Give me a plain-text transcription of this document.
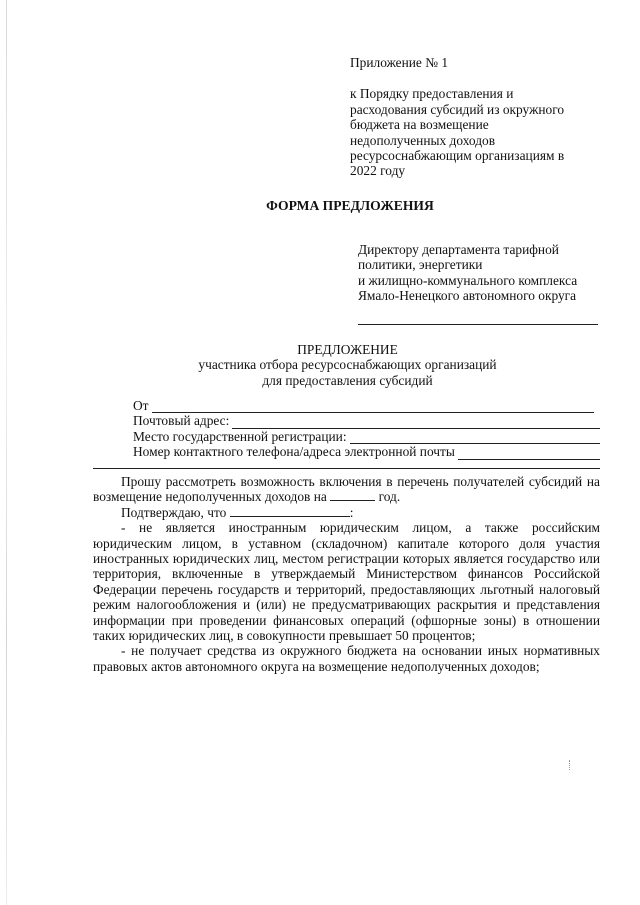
Приложение № 1
к Порядку предоставления и
расходования субсидий из окружного
бюджета на возмещение
недополученных доходов
ресурсоснабжающим организациям в
2022 году
ФОРМА ПРЕДЛОЖЕНИЯ
Директору департамента тарифной
политики, энергетики
и жилищно-коммунального комплекса
Ямало-Ненецкого автономного округа
ПРЕДЛОЖЕНИЕ
участника отбора ресурсоснабжающих организаций
для предоставления субсидий
От
Почтовый адрес:
Место государственной регистрации:
Номер контактного телефона/адреса электронной почты

Прошу рассмотреть возможность включения в перечень получателей субсидий на возмещение недополученных доходов на	год.

Подтверждаю, что	:

- не является иностранным юридическим лицом, а также российским юридическим лицом, в уставном (складочном) капитале которого доля участия иностранных юридических лиц, местом регистрации которых является государство или территория, включенные в утверждаемый Министерством финансов Российской Федерации перечень государств и территорий, предоставляющих льготный налоговый режим налогообложения и (или) не предусматривающих раскрытия и представления информации при проведении финансовых операций (офшорные зоны) в отношении таких юридических лиц, в совокупности превышает 50 процентов;

- не получает средства из окружного бюджета на основании иных нормативных правовых актов автономного округа на возмещение недополученных доходов;
